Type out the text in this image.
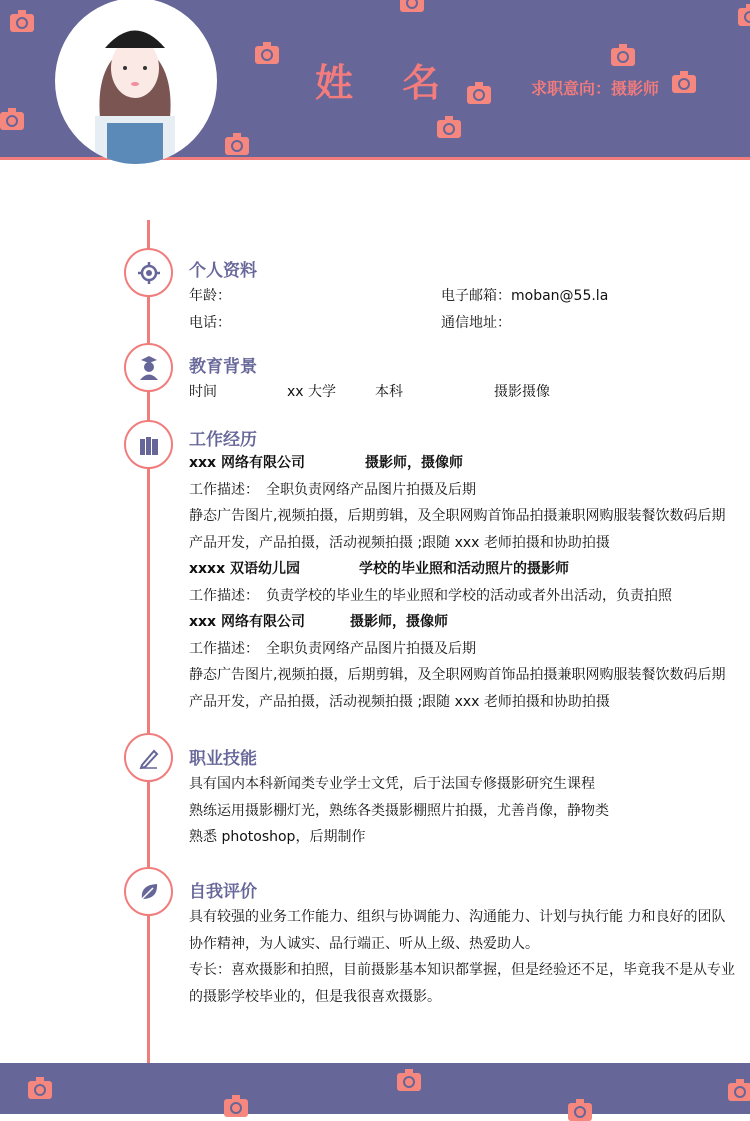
姓 名	求职意向：摄影师
个人资料
年龄：	电子邮箱：moban@55.la
电话：	通信地址：
教育背景
时间	xx 大学	本科	摄影摄像
工作经历
xxx 网络有限公司	摄影师，摄像师
工作描述：　全职负责网络产品图片拍摄及后期
静态广告图片,视频拍摄，后期剪辑，及全职网购首饰品拍摄兼职网购服装餐饮数码后期
产品开发，产品拍摄，活动视频拍摄 ;跟随 xxx 老师拍摄和协助拍摄
xxxx 双语幼儿园	学校的毕业照和活动照片的摄影师
工作描述：　负责学校的毕业生的毕业照和学校的活动或者外出活动，负责拍照
xxx 网络有限公司	摄影师，摄像师
工作描述：　全职负责网络产品图片拍摄及后期
静态广告图片,视频拍摄，后期剪辑，及全职网购首饰品拍摄兼职网购服装餐饮数码后期
产品开发，产品拍摄，活动视频拍摄 ;跟随 xxx 老师拍摄和协助拍摄
职业技能
具有国内本科新闻类专业学士文凭，后于法国专修摄影研究生课程
熟练运用摄影棚灯光，熟练各类摄影棚照片拍摄，尤善肖像，静物类
熟悉 photoshop，后期制作
自我评价
具有较强的业务工作能力、组织与协调能力、沟通能力、计划与执行能 力和良好的团队
协作精神，为人诚实、品行端正、听从上级、热爱助人。
专长：喜欢摄影和拍照，目前摄影基本知识都掌握，但是经验还不足，毕竟我不是从专业
的摄影学校毕业的，但是我很喜欢摄影。
